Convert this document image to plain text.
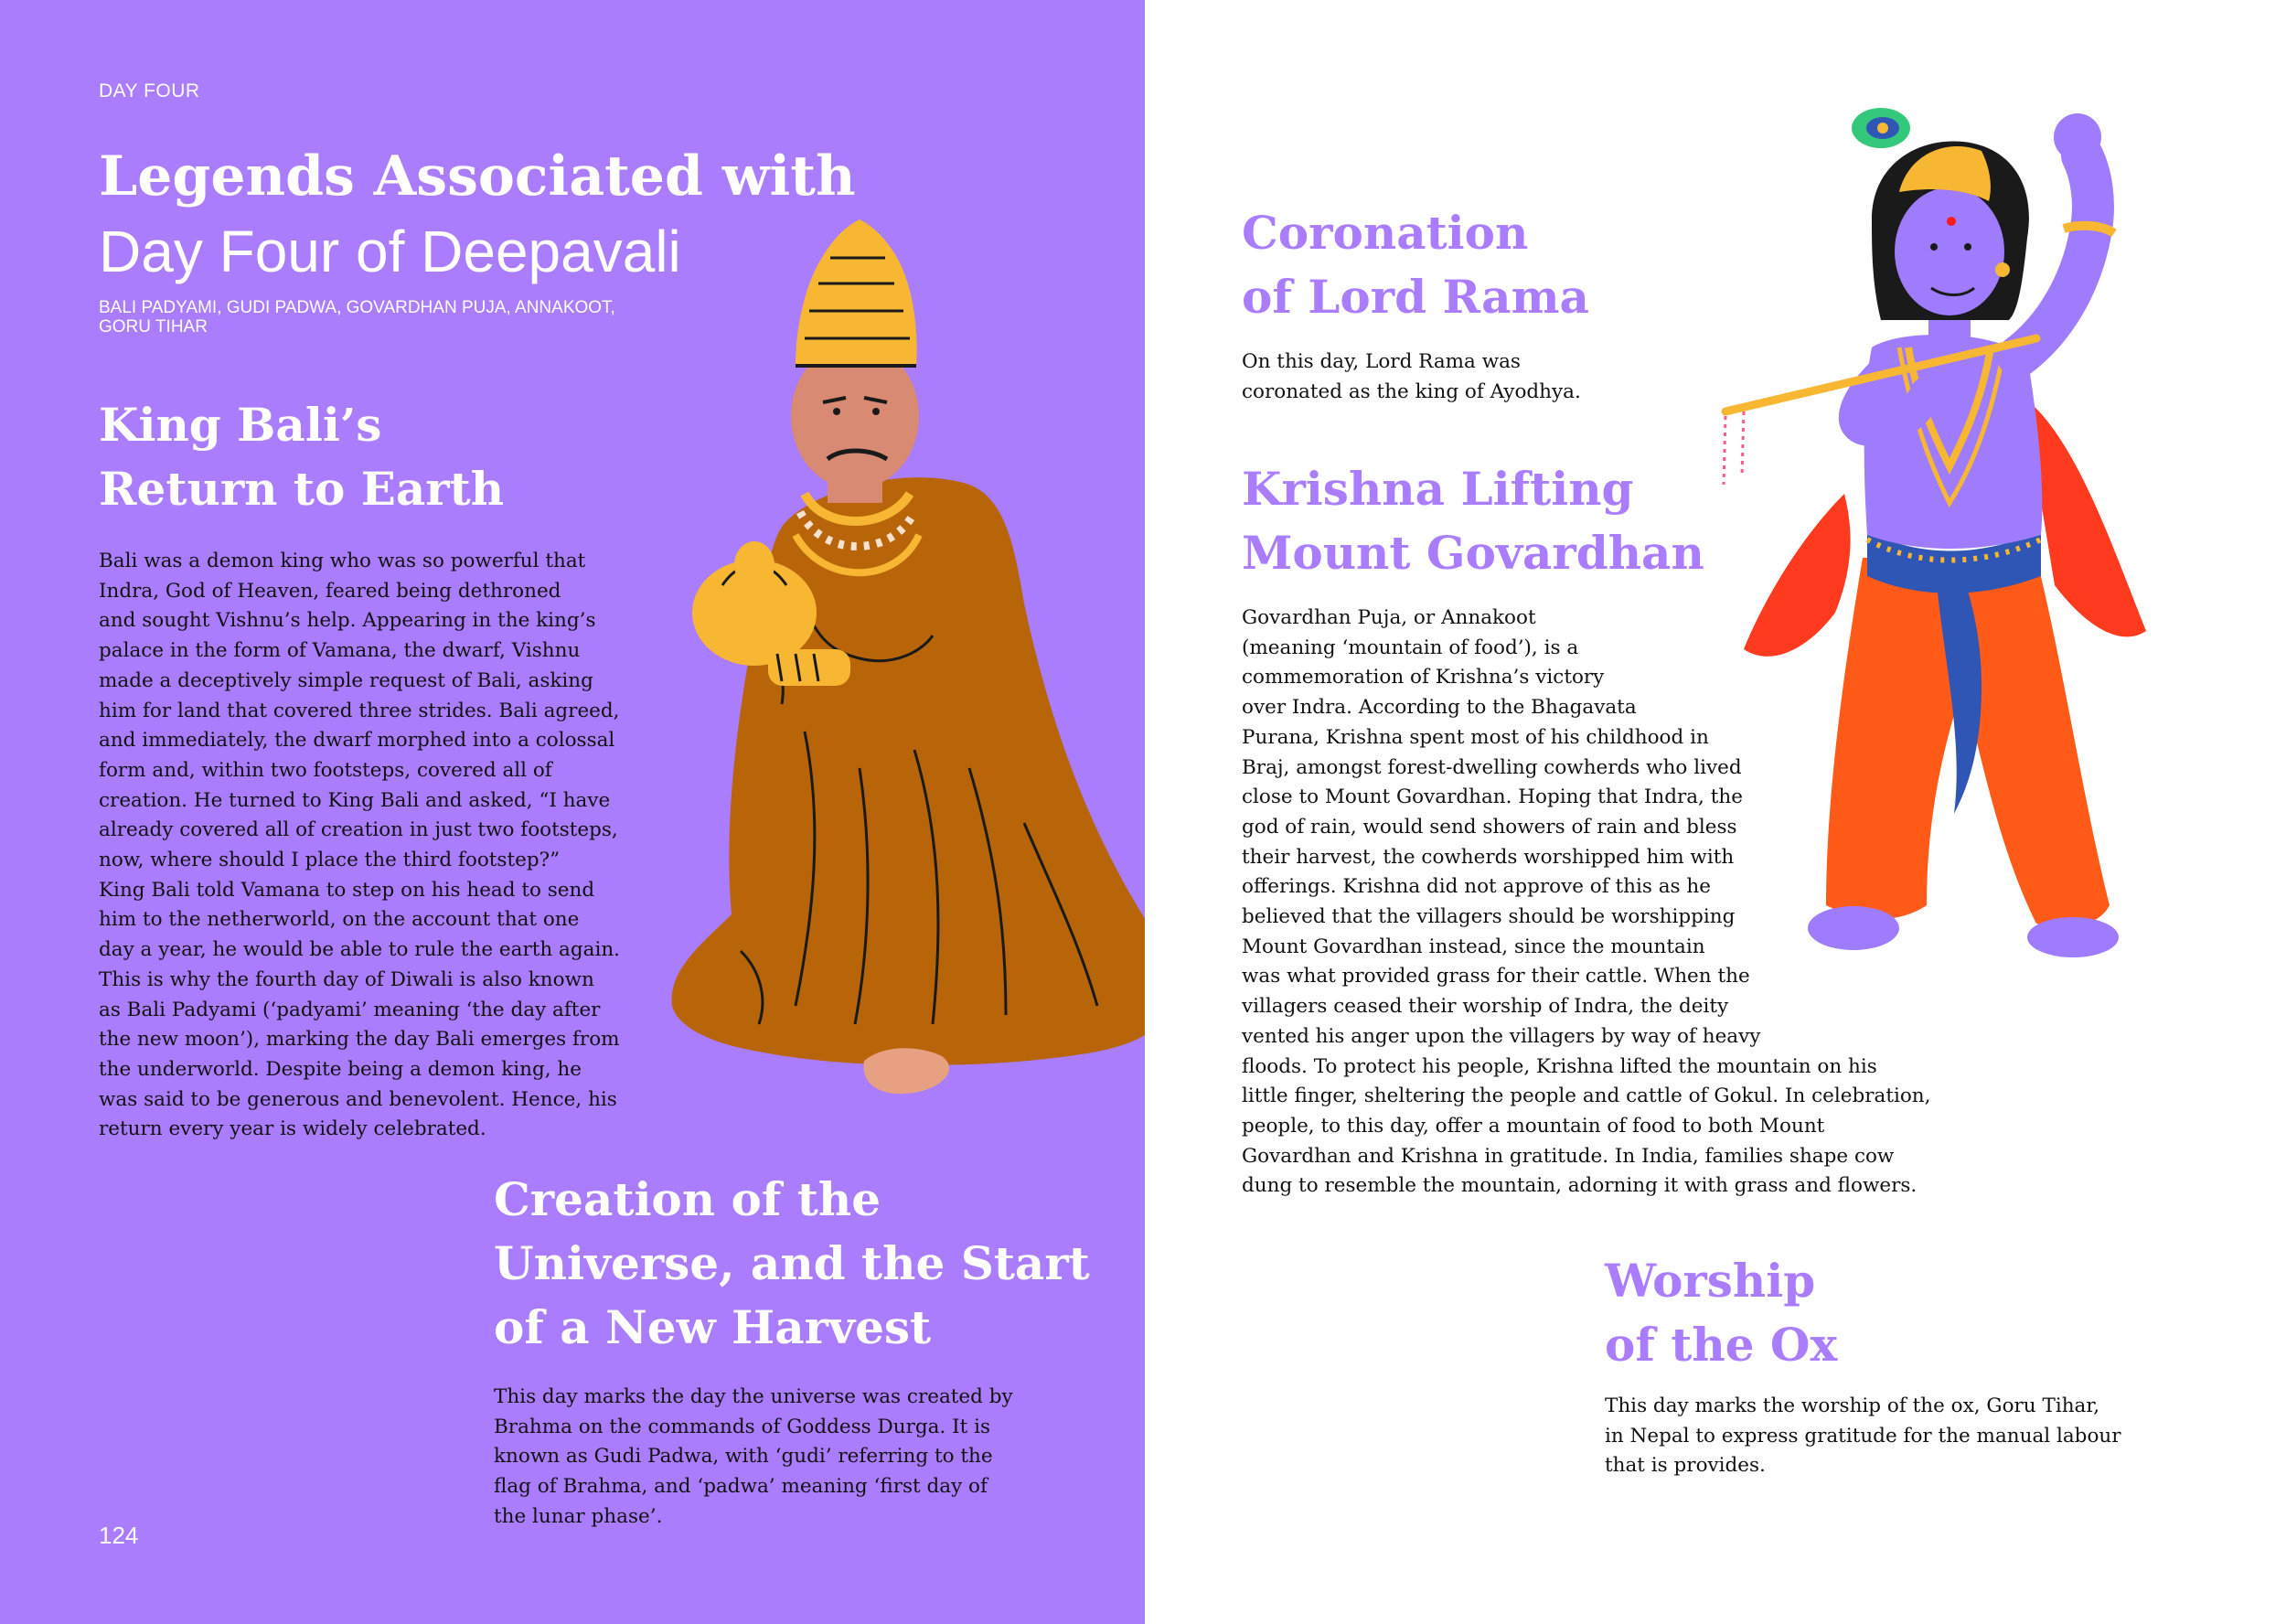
DAY FOUR
Legends Associated with
Day Four of Deepavali
BALI PADYAMI, GUDI PADWA, GOVARDHAN PUJA, ANNAKOOT, GORU TIHAR
King Bali’s
Return to Earth

Bali was a demon king who was so powerful that
Indra, God of Heaven, feared being dethroned
and sought Vishnu’s help. Appearing in the king’s
palace in the form of Vamana, the dwarf, Vishnu
made a deceptively simple request of Bali, asking
him for land that covered three strides. Bali agreed,
and immediately, the dwarf morphed into a colossal
form and, within two footsteps, covered all of
creation. He turned to King Bali and asked, “I have
already covered all of creation in just two footsteps,
now, where should I place the third footstep?”
King Bali told Vamana to step on his head to send
him to the netherworld, on the account that one
day a year, he would be able to rule the earth again.
This is why the fourth day of Diwali is also known
as Bali Padyami (‘padyami’ meaning ‘the day after
the new moon’), marking the day Bali emerges from
the underworld. Despite being a demon king, he
was said to be generous and benevolent. Hence, his
return every year is widely celebrated.

Creation of the
Universe, and the Start
of a New Harvest

This day marks the day the universe was created by
Brahma on the commands of Goddess Durga. It is
known as Gudi Padwa, with ‘gudi’ referring to the
flag of Brahma, and ‘padwa’ meaning ‘first day of
the lunar phase’.

124
Coronation
of Lord Rama

On this day, Lord Rama was
coronated as the king of Ayodhya.

Krishna Lifting
Mount Govardhan

Govardhan Puja, or Annakoot
(meaning ‘mountain of food’), is a
commemoration of Krishna’s victory
over Indra. According to the Bhagavata
Purana, Krishna spent most of his childhood in
Braj, amongst forest-dwelling cowherds who lived
close to Mount Govardhan. Hoping that Indra, the
god of rain, would send showers of rain and bless
their harvest, the cowherds worshipped him with
offerings. Krishna did not approve of this as he
believed that the villagers should be worshipping
Mount Govardhan instead, since the mountain
was what provided grass for their cattle. When the
villagers ceased their worship of Indra, the deity
vented his anger upon the villagers by way of heavy
floods. To protect his people, Krishna lifted the mountain on his
little finger, sheltering the people and cattle of Gokul. In celebration,
people, to this day, offer a mountain of food to both Mount
Govardhan and Krishna in gratitude. In India, families shape cow
dung to resemble the mountain, adorning it with grass and flowers.

Worship
of the Ox

This day marks the worship of the ox, Goru Tihar,
in Nepal to express gratitude for the manual labour
that is provides.
